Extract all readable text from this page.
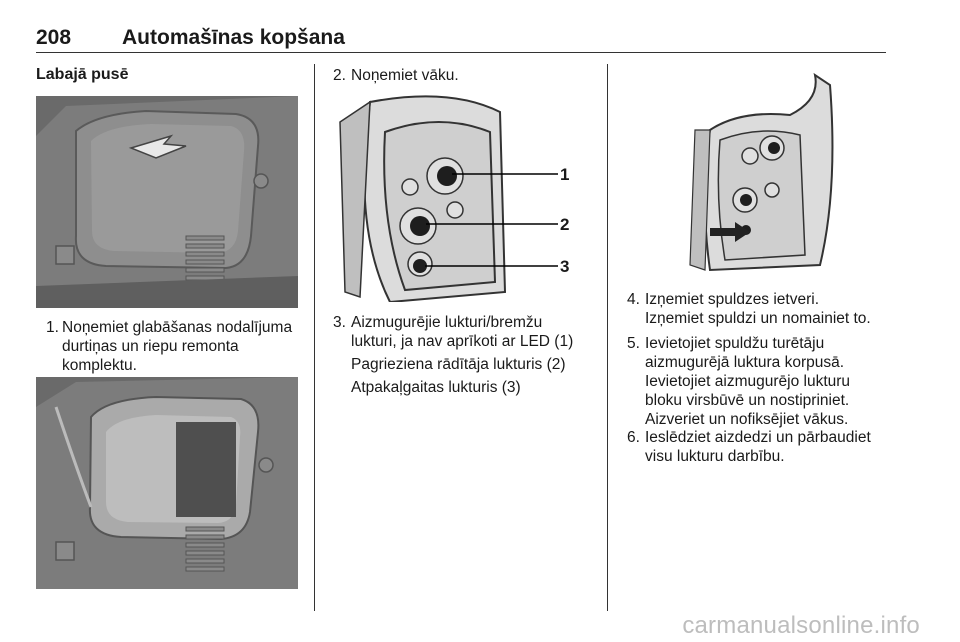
208 Automašīnas kopšana
Labajā pusē
1. Noņemiet glabāšanas nodalījuma
durtiņas un riepu remonta
komplektu.
2. Noņemiet vāku.
1
2
3
3. Aizmugurējie lukturi/bremžu
lukturi, ja nav aprīkoti ar LED (1)
Pagrieziena rādītāja lukturis (2)
Atpakaļgaitas lukturis (3)
4. Izņemiet spuldzes ietveri.
Izņemiet spuldzi un nomainiet to.
5. Ievietojiet spuldžu turētāju
aizmugurējā luktura korpusā.
Ievietojiet aizmugurējo lukturu
bloku virsbūvē un nostipriniet.
Aizveriet un nofiksējiet vākus.
6. Ieslēdziet aizdedzi un pārbaudiet
visu lukturu darbību.
carmanualsonline.info
